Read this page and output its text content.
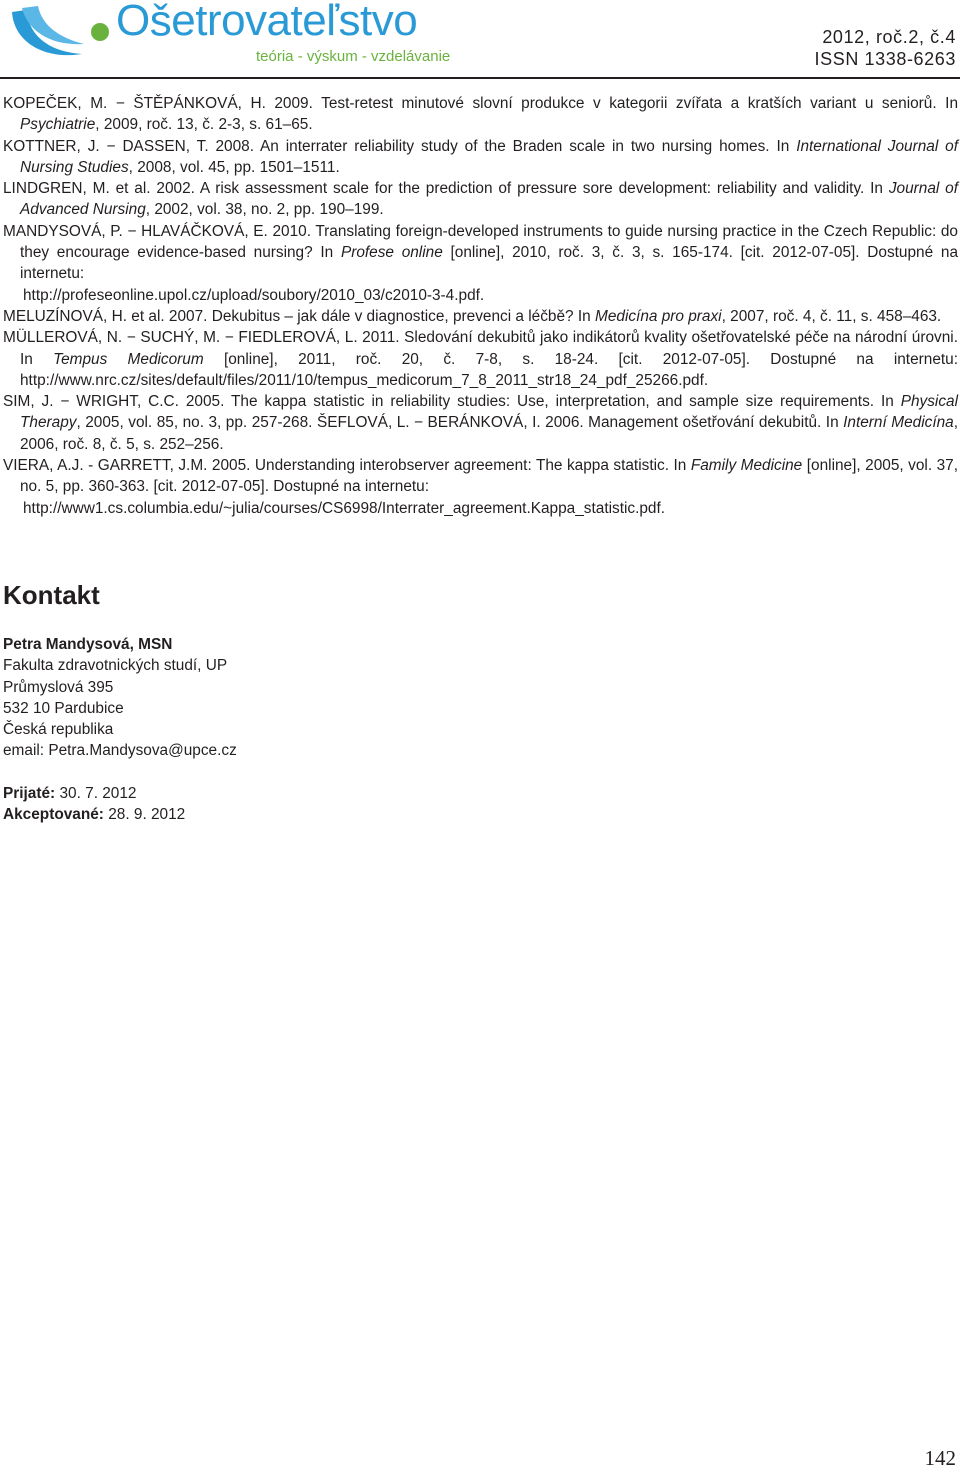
Ošetrovateľstvo
teória - výskum - vzdelávanie
2012, roč.2, č.4
ISSN 1338-6263
KOPEČEK, M. − ŠTĚPÁNKOVÁ, H. 2009. Test-retest minutové slovní produkce v kategorii zvířata a kratších variant u seniorů. In Psychiatrie, 2009, roč. 13, č. 2-3, s. 61–65.
KOTTNER, J. − DASSEN, T. 2008. An interrater reliability study of the Braden scale in two nursing homes. In International Journal of Nursing Studies, 2008, vol. 45, pp. 1501–1511.
LINDGREN, M. et al. 2002. A risk assessment scale for the prediction of pressure sore development: reliability and validity. In Journal of Advanced Nursing, 2002, vol. 38, no. 2, pp. 190–199.
MANDYSOVÁ, P. − HLAVÁČKOVÁ, E. 2010. Translating foreign-developed instruments to guide nursing practice in the Czech Republic: do they encourage evidence-based nursing? In Profese online [online], 2010, roč. 3, č. 3, s. 165-174. [cit. 2012-07-05]. Dostupné na internetu:
http://profeseonline.upol.cz/upload/soubory/2010_03/c2010-3-4.pdf.
MELUZÍNOVÁ, H. et al. 2007. Dekubitus – jak dále v diagnostice, prevenci a léčbě? In Medicína pro praxi, 2007, roč. 4, č. 11, s. 458–463.
MÜLLEROVÁ, N. − SUCHÝ, M. − FIEDLEROVÁ, L. 2011. Sledování dekubitů jako indikátorů kvality ošetřovatelské péče na národní úrovni. In Tempus Medicorum [online], 2011, roč. 20, č. 7-8, s. 18-24. [cit. 2012-07-05]. Dostupné na internetu: http://www.nrc.cz/sites/default/files/2011/10/tempus_medicorum_7_8_2011_str18_24_pdf_25266.pdf.
SIM, J. − WRIGHT, C.C. 2005. The kappa statistic in reliability studies: Use, interpretation, and sample size requirements. In Physical Therapy, 2005, vol. 85, no. 3, pp. 257-268. ŠEFLOVÁ, L. − BERÁNKOVÁ, I. 2006. Management ošetřování dekubitů. In Interní Medicína, 2006, roč. 8, č. 5, s. 252–256.
VIERA, A.J. - GARRETT, J.M. 2005. Understanding interobserver agreement: The kappa statistic. In Family Medicine [online], 2005, vol. 37, no. 5, pp. 360-363. [cit. 2012-07-05]. Dostupné na internetu:
http://www1.cs.columbia.edu/~julia/courses/CS6998/Interrater_agreement.Kappa_statistic.pdf.
Kontakt
Petra Mandysová, MSN
Fakulta zdravotnických studí, UP
Průmyslová 395
532 10 Pardubice
Česká republika
email: Petra.Mandysova@upce.cz
Prijaté: 30. 7. 2012
Akceptované: 28. 9. 2012
142
